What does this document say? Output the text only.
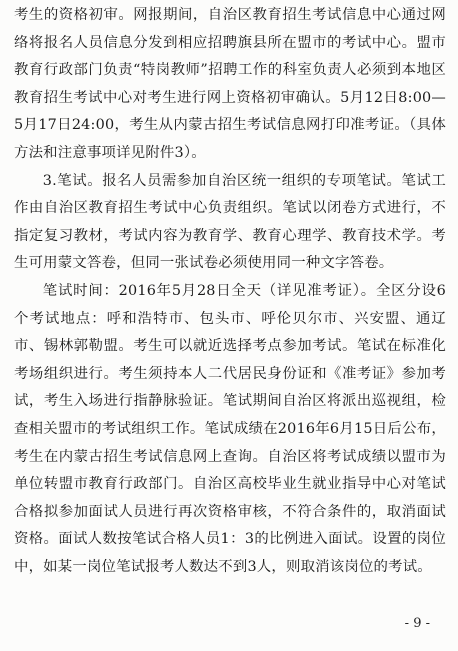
考生的资格初审。网报期间，自治区教育招生考试信息中心通过网络将报名人员信息分发到相应招聘旗县所在盟市的考试中心。盟市教育行政部门负责“特岗教师”招聘工作的科室负责人必须到本地区教育招生考试中心对考生进行网上资格初审确认。5月12日8:00—5月17日24:00，考生从内蒙古招生考试信息网打印准考证。（具体方法和注意事项详见附件3）。

3.笔试。报名人员需参加自治区统一组织的专项笔试。笔试工作由自治区教育招生考试中心负责组织。笔试以闭卷方式进行，不指定复习教材，考试内容为教育学、教育心理学、教育技术学。考生可用蒙文答卷，但同一张试卷必须使用同一种文字答卷。

笔试时间：2016年5月28日全天（详见准考证）。全区分设6个考试地点：呼和浩特市、包头市、呼伦贝尔市、兴安盟、通辽市、锡林郭勒盟。考生可以就近选择考点参加考试。笔试在标准化考场组织进行。考生须持本人二代居民身份证和《准考证》参加考试，考生入场进行指静脉验证。笔试期间自治区将派出巡视组，检查相关盟市的考试组织工作。笔试成绩在2016年6月15日后公布，考生在内蒙古招生考试信息网上查询。自治区将考试成绩以盟市为单位转盟市教育行政部门。自治区高校毕业生就业指导中心对笔试合格拟参加面试人员进行再次资格审核，不符合条件的，取消面试资格。面试人数按笔试合格人员1：3的比例进入面试。设置的岗位中，如某一岗位笔试报考人数达不到3人，则取消该岗位的考试。

- 9 -
